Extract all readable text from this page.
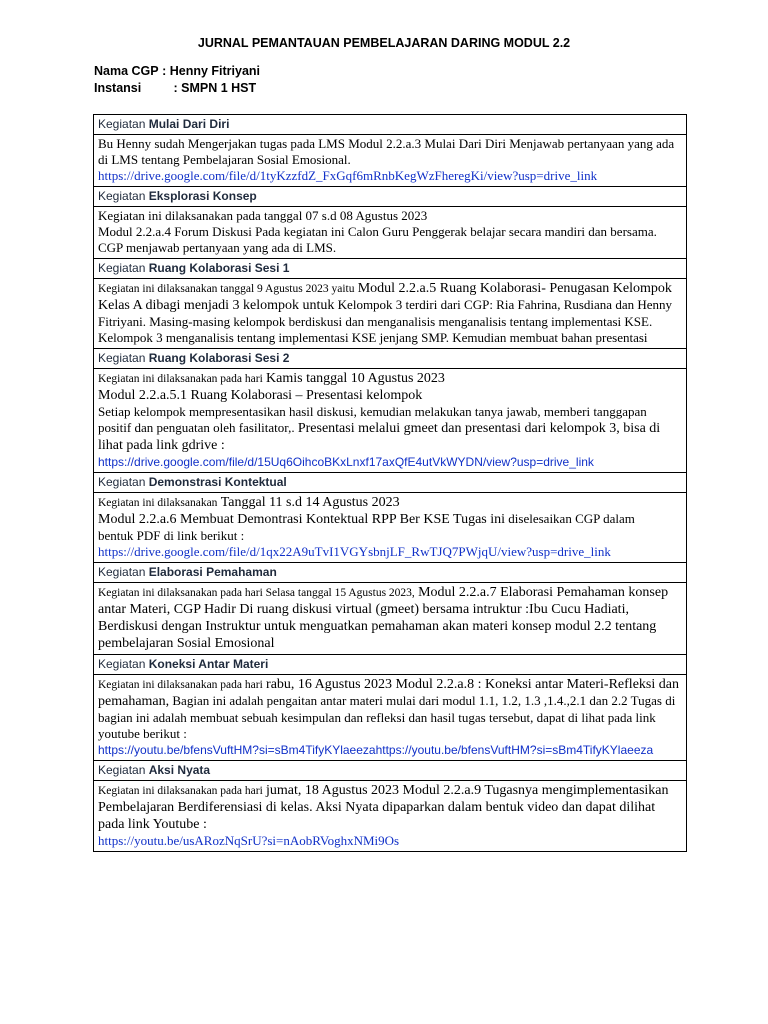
JURNAL PEMANTAUAN PEMBELAJARAN DARING MODUL 2.2
Nama CGP : Henny Fitriyani
Instansi	: SMPN 1 HST
Kegiatan Mulai Dari Diri
Bu Henny sudah Mengerjakan tugas pada LMS Modul 2.2.a.3 Mulai Dari Diri Menjawab pertanyaan yang ada di LMS tentang Pembelajaran Sosial Emosional.
https://drive.google.com/file/d/1tyKzzfdZ_FxGqf6mRnbKegWzFheregKi/view?usp=drive_link
Kegiatan Eksplorasi Konsep
Kegiatan ini dilaksanakan pada tanggal 07 s.d 08 Agustus 2023
Modul 2.2.a.4 Forum Diskusi Pada kegiatan ini Calon Guru Penggerak belajar secara mandiri dan bersama. CGP menjawab pertanyaan yang ada di LMS.
Kegiatan Ruang Kolaborasi Sesi 1
Kegiatan ini dilaksanakan tanggal 9 Agustus 2023 yaitu Modul 2.2.a.5 Ruang Kolaborasi- Penugasan Kelompok Kelas A dibagi menjadi 3 kelompok untuk Kelompok 3 terdiri dari CGP: Ria Fahrina, Rusdiana dan Henny Fitriyani. Masing-masing kelompok berdiskusi dan menganalisis menganalisis tentang implementasi KSE. Kelompok 3 menganalisis tentang implementasi KSE jenjang SMP. Kemudian membuat bahan presentasi
Kegiatan Ruang Kolaborasi Sesi 2
Kegiatan ini dilaksanakan pada hari Kamis tanggal 10 Agustus 2023
Modul 2.2.a.5.1 Ruang Kolaborasi – Presentasi kelompok
Setiap kelompok mempresentasikan hasil diskusi, kemudian melakukan tanya jawab, memberi tanggapan positif dan penguatan oleh fasilitator,. Presentasi melalui gmeet dan presentasi dari kelompok 3, bisa di lihat pada link gdrive :
https://drive.google.com/file/d/15Uq6OihcoBKxLnxf17axQfE4utVkWYDN/view?usp=drive_link
Kegiatan Demonstrasi Kontektual
Kegiatan ini dilaksanakan Tanggal 11 s.d 14 Agustus 2023
Modul 2.2.a.6 Membuat Demontrasi Kontektual RPP Ber KSE Tugas ini diselesaikan CGP dalam
bentuk PDF di link berikut :
https://drive.google.com/file/d/1qx22A9uTvI1VGYsbnjLF_RwTJQ7PWjqU/view?usp=drive_link
Kegiatan Elaborasi Pemahaman
Kegiatan ini dilaksanakan pada hari Selasa tanggal 15 Agustus 2023, Modul 2.2.a.7 Elaborasi Pemahaman konsep antar Materi, CGP Hadir Di ruang diskusi virtual (gmeet) bersama intruktur :Ibu Cucu Hadiati, Berdiskusi dengan Instruktur untuk menguatkan pemahaman akan materi konsep modul 2.2 tentang pembelajaran Sosial Emosional
Kegiatan Koneksi Antar Materi
Kegiatan ini dilaksanakan pada hari rabu, 16 Agustus 2023 Modul 2.2.a.8 : Koneksi antar Materi-Refleksi dan pemahaman, Bagian ini adalah pengaitan antar materi mulai dari modul 1.1, 1.2, 1.3 ,1.4.,2.1 dan 2.2 Tugas di bagian ini adalah membuat sebuah kesimpulan dan refleksi dan hasil tugas tersebut, dapat di lihat pada link youtube berikut :
https://youtu.be/bfensVuftHM?si=sBm4TifyKYlaeezahttps://youtu.be/bfensVuftHM?si=sBm4TifyKYlaeeza
Kegiatan Aksi Nyata
Kegiatan ini dilaksanakan pada hari jumat, 18 Agustus 2023 Modul 2.2.a.9 Tugasnya mengimplementasikan Pembelajaran Berdiferensiasi di kelas. Aksi Nyata dipaparkan dalam bentuk video dan dapat dilihat pada link Youtube :
https://youtu.be/usARozNqSrU?si=nAobRVoghxNMi9Os
